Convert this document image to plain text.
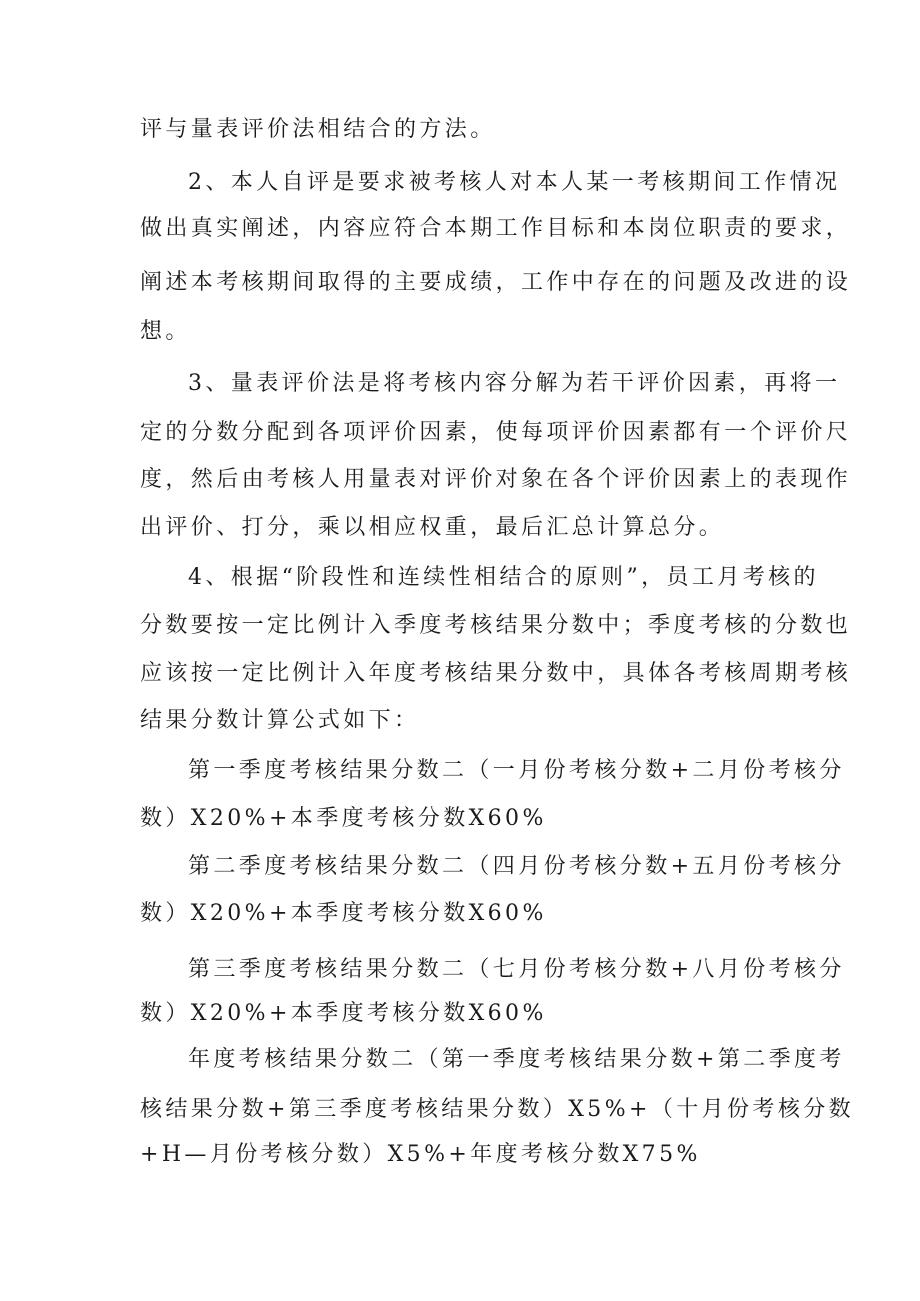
评与量表评价法相结合的方法。

2、本人自评是要求被考核人对本人某一考核期间工作情况

做出真实阐述，内容应符合本期工作目标和本岗位职责的要求，

阐述本考核期间取得的主要成绩，工作中存在的问题及改进的设

想。

3、量表评价法是将考核内容分解为若干评价因素，再将一

定的分数分配到各项评价因素，使每项评价因素都有一个评价尺

度，然后由考核人用量表对评价对象在各个评价因素上的表现作

出评价、打分，乘以相应权重，最后汇总计算总分。

4、根据“阶段性和连续性相结合的原则”，员工月考核的

分数要按一定比例计入季度考核结果分数中；季度考核的分数也

应该按一定比例计入年度考核结果分数中，具体各考核周期考核

结果分数计算公式如下：

第一季度考核结果分数二（一月份考核分数+二月份考核分

数）X20%+本季度考核分数X60%

第二季度考核结果分数二（四月份考核分数+五月份考核分

数）X20%+本季度考核分数X60%

第三季度考核结果分数二（七月份考核分数+八月份考核分

数）X20%+本季度考核分数X60%

年度考核结果分数二（第一季度考核结果分数+第二季度考

核结果分数+第三季度考核结果分数）X5%+（十月份考核分数

+H—月份考核分数）X5%+年度考核分数X75%
